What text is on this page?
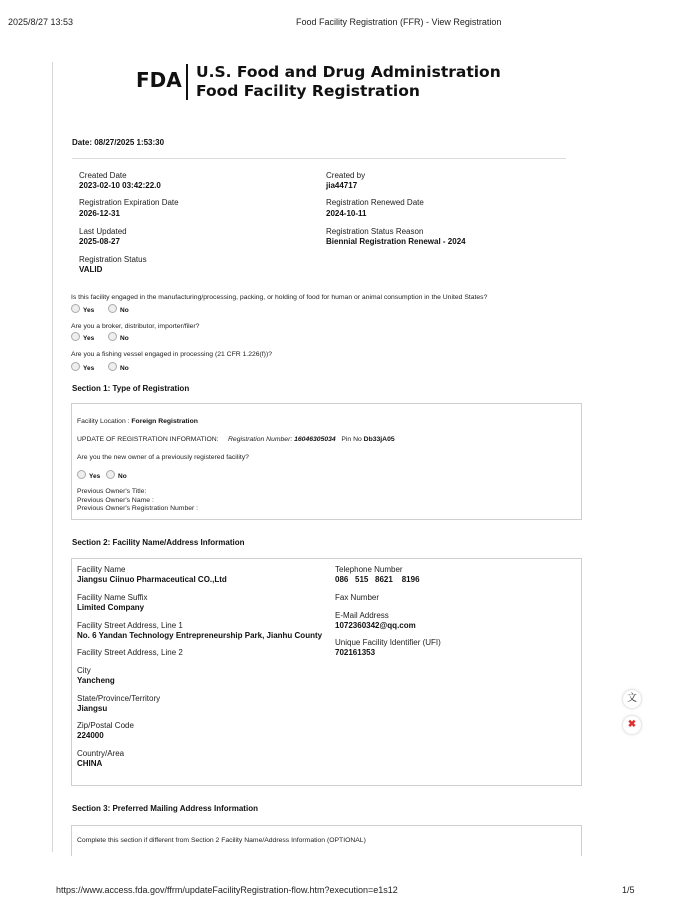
2025/8/27 13:53	Food Facility Registration (FFR) - View Registration
FDA U.S. Food and Drug Administration
Food Facility Registration
Date: 08/27/2025 1:53:30
Created Date
2023-02-10 03:42:22.0
Created by
jia44717
Registration Expiration Date
2026-12-31
Registration Renewed Date
2024-10-11
Last Updated
2025-08-27
Registration Status Reason
Biennial Registration Renewal - 2024
Registration Status
VALID
Is this facility engaged in the manufacturing/processing, packing, or holding of food for human or animal consumption in the United States?
Yes	No
Are you a broker, distributor, importer/filer?
Yes	No
Are you a fishing vessel engaged in processing (21 CFR 1.226(f))?
Yes	No
Section 1: Type of Registration
Facility Location : Foreign Registration
UPDATE OF REGISTRATION INFORMATION: Registration Number: 16046305034 Pin No Db33jA05
Are you the new owner of a previously registered facility?
Yes	No
Previous Owner's Title:
Previous Owner's Name :
Previous Owner's Registration Number :
Section 2: Facility Name/Address Information
Facility Name
Jiangsu Ciinuo Pharmaceutical CO.,Ltd
Facility Name Suffix
Limited Company
Facility Street Address, Line 1
No. 6 Yandan Technology Entrepreneurship Park, Jianhu County
Facility Street Address, Line 2
City
Yancheng
State/Province/Territory
Jiangsu
Zip/Postal Code
224000
Country/Area
CHINA
Telephone Number
086   515   8621    8196
Fax Number
E-Mail Address
1072360342@qq.com
Unique Facility Identifier (UFI)
702161353
Section 3: Preferred Mailing Address Information
Complete this section if different from Section 2 Facility Name/Address Information (OPTIONAL)
文
✖
https://www.access.fda.gov/ffrm/updateFacilityRegistration-flow.htm?execution=e1s12	1/5
